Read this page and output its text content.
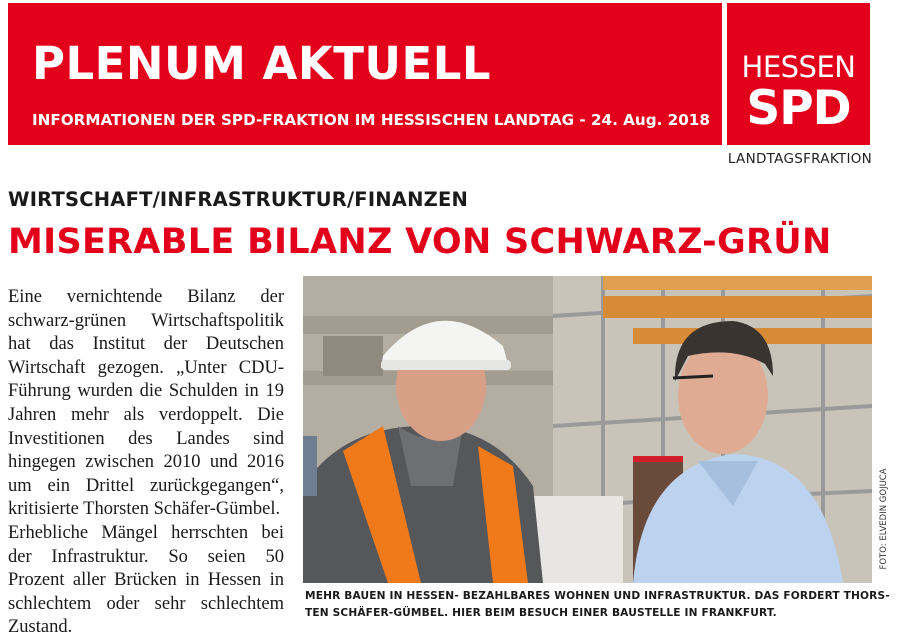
PLENUM AKTUELL
INFORMATIONEN DER SPD-FRAKTION IM HESSISCHEN LANDTAG - 24. Aug. 2018
HESSEN
SPD
LANDTAGSFRAKTION
WIRTSCHAFT/INFRASTRUKTUR/FINANZEN
MISERABLE BILANZ VON SCHWARZ-GRÜN

Eine vernichtende Bilanz der schwarz-grünen Wirtschaftspolitik hat das Institut der Deutschen Wirtschaft gezogen. „Unter CDU-Führung wurden die Schulden in 19 Jahren mehr als verdoppelt. Die Investitionen des Landes sind hingegen zwischen 2010 und 2016 um ein Drittel zurückgegangen“, kritisierte Thorsten Schäfer-Gümbel.

Erhebliche Mängel herrschten bei der Infrastruktur. So seien 50 Prozent aller Brücken in Hessen in schlechtem oder sehr schlechtem Zustand.

FOTO: ELVEDIN GOJUCA
MEHR BAUEN IN HESSEN- BEZAHLBARES WOHNEN UND INFRASTRUKTUR. DAS FORDERT THORS-
TEN SCHÄFER-GÜMBEL. HIER BEIM BESUCH EINER BAUSTELLE IN FRANKFURT.
